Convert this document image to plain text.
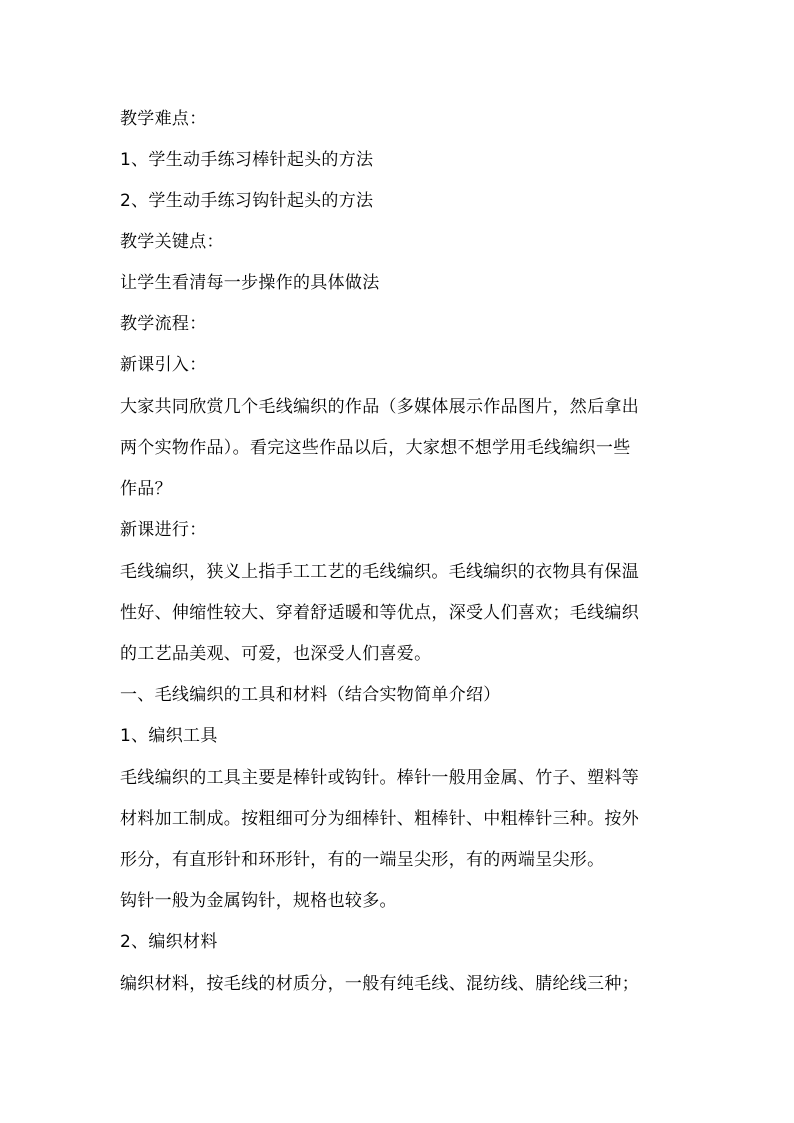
教学难点：
1、学生动手练习棒针起头的方法
2、学生动手练习钩针起头的方法
教学关键点：
让学生看清每一步操作的具体做法
教学流程：
新课引入：
大家共同欣赏几个毛线编织的作品（多媒体展示作品图片，然后拿出
两个实物作品）。看完这些作品以后，大家想不想学用毛线编织一些
作品？
新课进行：
毛线编织，狭义上指手工工艺的毛线编织。毛线编织的衣物具有保温
性好、伸缩性较大、穿着舒适暖和等优点，深受人们喜欢；毛线编织
的工艺品美观、可爱，也深受人们喜爱。
一、毛线编织的工具和材料（结合实物简单介绍）
1、编织工具
毛线编织的工具主要是棒针或钩针。棒针一般用金属、竹子、塑料等
材料加工制成。按粗细可分为细棒针、粗棒针、中粗棒针三种。按外
形分，有直形针和环形针，有的一端呈尖形，有的两端呈尖形。
钩针一般为金属钩针，规格也较多。
2、编织材料
编织材料，按毛线的材质分，一般有纯毛线、混纺线、腈纶线三种；
